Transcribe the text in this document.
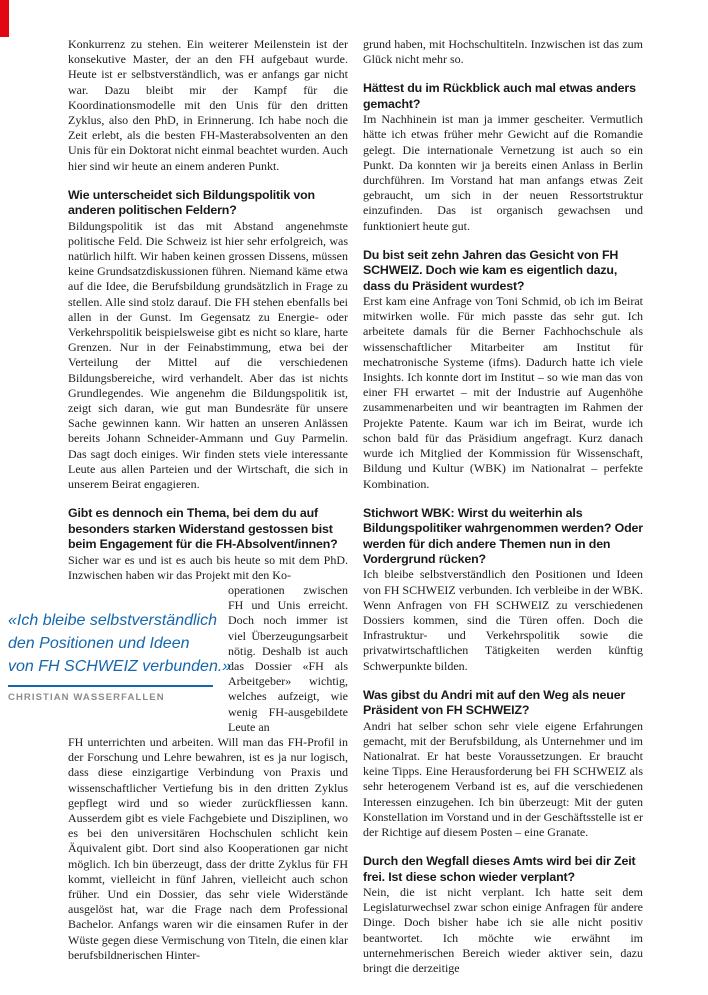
Konkurrenz zu stehen. Ein weiterer Meilenstein ist der konsekutive Master, der an den FH aufgebaut wurde. Heute ist er selbstverständlich, was er anfangs gar nicht war. Dazu bleibt mir der Kampf für die Koordinationsmodelle mit den Unis für den dritten Zyklus, also den PhD, in Erinnerung. Ich habe noch die Zeit erlebt, als die besten FH-Masterabsolventen an den Unis für ein Doktorat nicht einmal beachtet wurden. Auch hier sind wir heute an einem anderen Punkt.

Wie unterscheidet sich Bildungspolitik von anderen politischen Feldern?

Bildungspolitik ist das mit Abstand angenehmste politische Feld. Die Schweiz ist hier sehr erfolgreich, was natürlich hilft. Wir haben keinen grossen Dissens, müssen keine Grundsatzdiskussionen führen. Niemand käme etwa auf die Idee, die Berufsbildung grundsätzlich in Frage zu stellen. Alle sind stolz darauf. Die FH stehen ebenfalls bei allen in der Gunst. Im Gegensatz zu Energie- oder Verkehrspolitik beispielsweise gibt es nicht so klare, harte Grenzen. Nur in der Feinabstimmung, etwa bei der Verteilung der Mittel auf die verschiedenen Bildungsbereiche, wird verhandelt. Aber das ist nichts Grundlegendes. Wie angenehm die Bildungspolitik ist, zeigt sich daran, wie gut man Bundesräte für unsere Sache gewinnen kann. Wir hatten an unseren Anlässen bereits Johann Schneider-Ammann und Guy Parmelin. Das sagt doch einiges. Wir finden stets viele interessante Leute aus allen Parteien und der Wirtschaft, die sich in unserem Beirat engagieren.

Gibt es dennoch ein Thema, bei dem du auf besonders starken Widerstand gestossen bist beim Engagement für die FH-Absolvent/innen?

Sicher war es und ist es auch bis heute so mit dem PhD. Inzwischen haben wir das Projekt mit den Ko-

«Ich bleibe selbstverständlich
den Positionen und Ideen
von FH SCHWEIZ verbunden.»
CHRISTIAN WASSERFALLEN

operationen zwischen FH und Unis erreicht. Doch noch immer ist viel Überzeugungsarbeit nötig. Deshalb ist auch das Dossier «FH als Arbeitgeber» wichtig, welches aufzeigt, wie wenig FH-ausgebildete Leute an

FH unterrichten und arbeiten. Will man das FH-Profil in der Forschung und Lehre bewahren, ist es ja nur logisch, dass diese einzigartige Verbindung von Praxis und wissenschaftlicher Vertiefung bis in den dritten Zyklus gepflegt wird und so wieder zurückfliessen kann. Ausserdem gibt es viele Fachgebiete und Disziplinen, wo es bei den universitären Hochschulen schlicht kein Äquivalent gibt. Dort sind also Kooperationen gar nicht möglich. Ich bin überzeugt, dass der dritte Zyklus für FH kommt, vielleicht in fünf Jahren, vielleicht auch schon früher. Und ein Dossier, das sehr viele Widerstände ausgelöst hat, war die Frage nach dem Professional Bachelor. Anfangs waren wir die einsamen Rufer in der Wüste gegen diese Vermischung von Titeln, die einen klar berufsbildnerischen Hinter-

grund haben, mit Hochschultiteln. Inzwischen ist das zum Glück nicht mehr so.

Hättest du im Rückblick auch mal etwas anders gemacht?

Im Nachhinein ist man ja immer gescheiter. Vermutlich hätte ich etwas früher mehr Gewicht auf die Romandie gelegt. Die internationale Vernetzung ist auch so ein Punkt. Da konnten wir ja bereits einen Anlass in Berlin durchführen. Im Vorstand hat man anfangs etwas Zeit gebraucht, um sich in der neuen Ressortstruktur einzufinden. Das ist organisch gewachsen und funktioniert heute gut.

Du bist seit zehn Jahren das Gesicht von FH SCHWEIZ. Doch wie kam es eigentlich dazu, dass du Präsident wurdest?

Erst kam eine Anfrage von Toni Schmid, ob ich im Beirat mitwirken wolle. Für mich passte das sehr gut. Ich arbeitete damals für die Berner Fachhochschule als wissenschaftlicher Mitarbeiter am Institut für mechatronische Systeme (ifms). Dadurch hatte ich viele Insights. Ich konnte dort im Institut – so wie man das von einer FH erwartet – mit der Industrie auf Augenhöhe zusammenarbeiten und wir beantragten im Rahmen der Projekte Patente. Kaum war ich im Beirat, wurde ich schon bald für das Präsidium angefragt. Kurz danach wurde ich Mitglied der Kommission für Wissenschaft, Bildung und Kultur (WBK) im Nationalrat – perfekte Kombination.

Stichwort WBK: Wirst du weiterhin als Bildungspolitiker wahrgenommen werden? Oder werden für dich andere Themen nun in den Vordergrund rücken?

Ich bleibe selbstverständlich den Positionen und Ideen von FH SCHWEIZ verbunden. Ich verbleibe in der WBK. Wenn Anfragen von FH SCHWEIZ zu verschiedenen Dossiers kommen, sind die Türen offen. Doch die Infrastruktur- und Verkehrspolitik sowie die privatwirtschaftlichen Tätigkeiten werden künftig Schwerpunkte bilden.

Was gibst du Andri mit auf den Weg als neuer Präsident von FH SCHWEIZ?

Andri hat selber schon sehr viele eigene Erfahrungen gemacht, mit der Berufsbildung, als Unternehmer und im Nationalrat. Er hat beste Voraussetzungen. Er braucht keine Tipps. Eine Herausforderung bei FH SCHWEIZ als sehr heterogenem Verband ist es, auf die verschiedenen Interessen einzugehen. Ich bin überzeugt: Mit der guten Konstellation im Vorstand und in der Geschäftsstelle ist er der Richtige auf diesem Posten – eine Granate.

Durch den Wegfall dieses Amts wird bei dir Zeit frei. Ist diese schon wieder verplant?

Nein, die ist nicht verplant. Ich hatte seit dem Legislaturwechsel zwar schon einige Anfragen für andere Dinge. Doch bisher habe ich sie alle nicht positiv beantwortet. Ich möchte wie erwähnt im unternehmerischen Bereich wieder aktiver sein, dazu bringt die derzeitige
